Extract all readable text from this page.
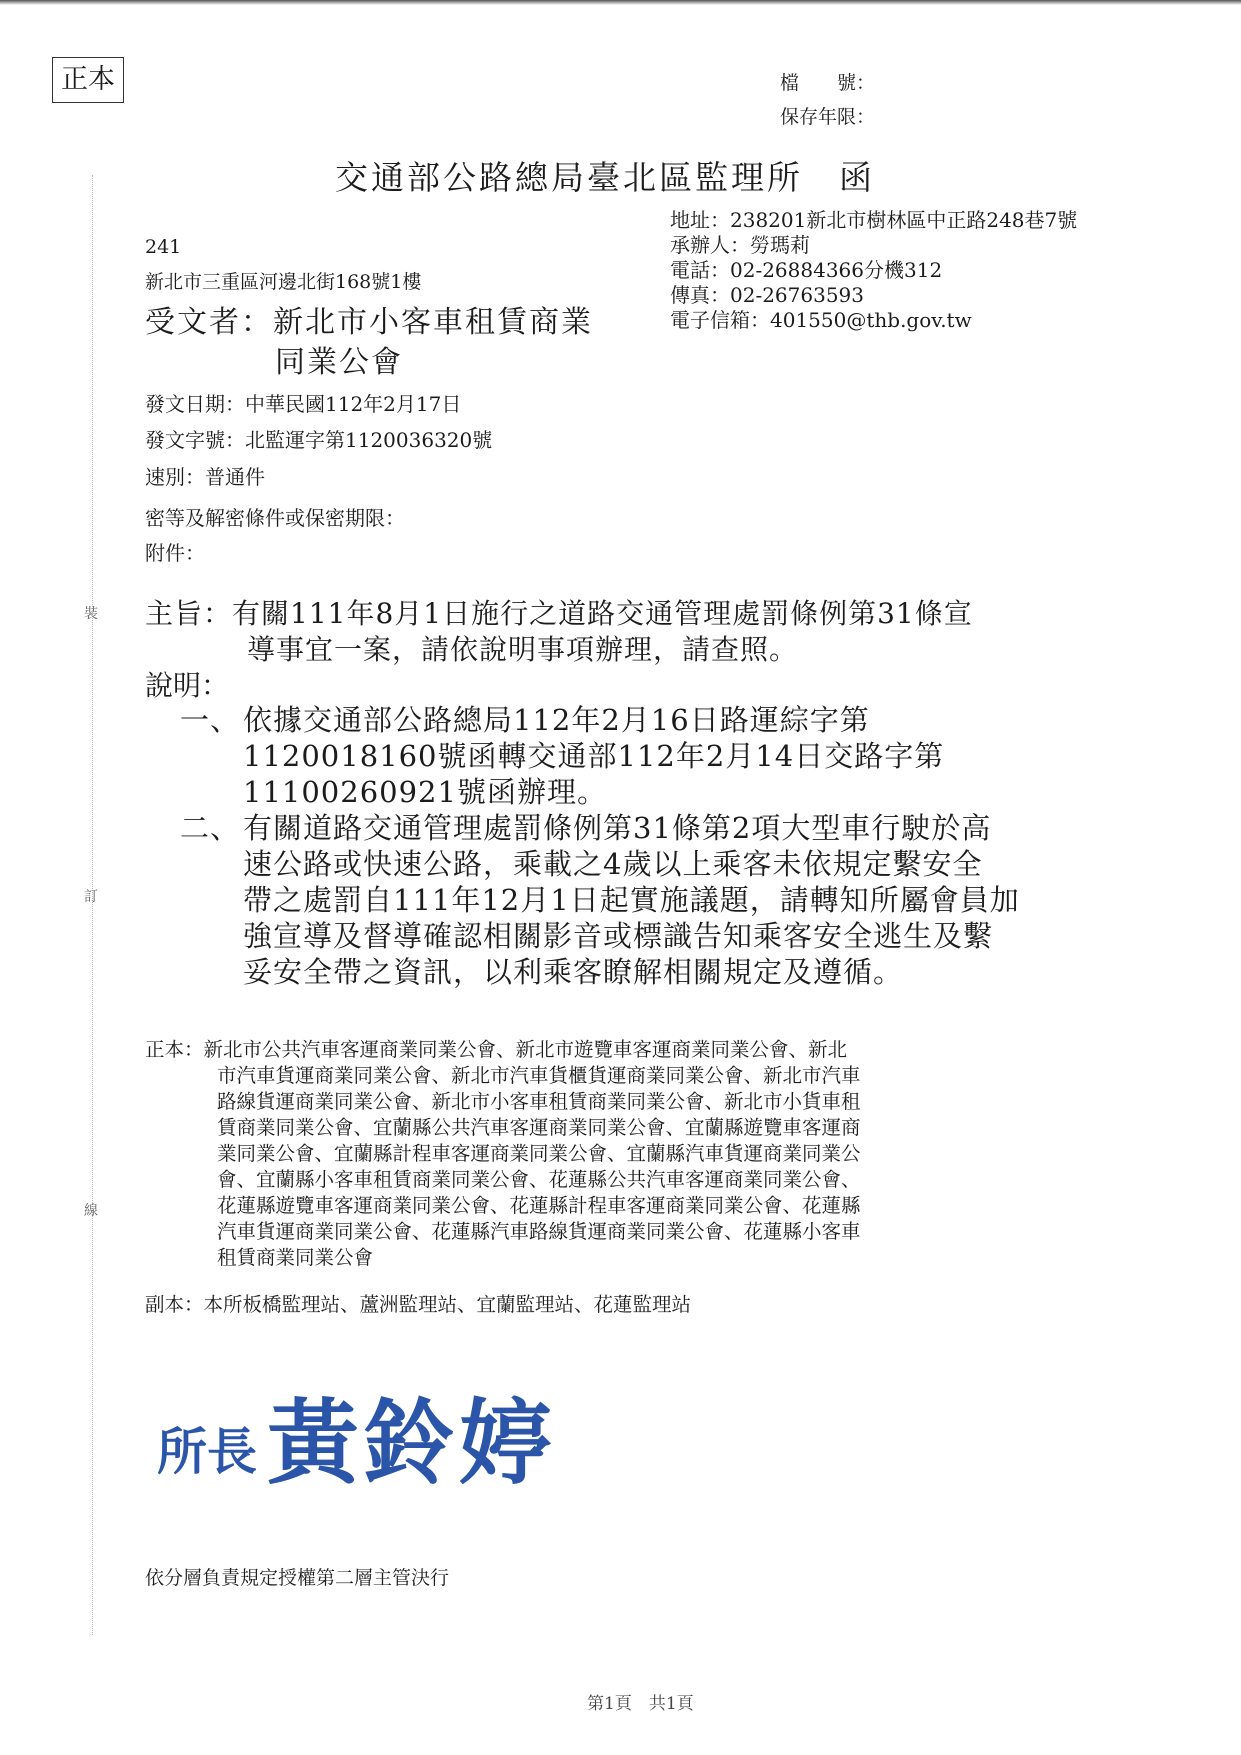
正本	檔　　號：
保存年限：
交通部公路總局臺北區監理所　函
裝
訂
線
地址：238201新北市樹林區中正路248巷7號
承辦人：勞瑪莉
電話：02-26884366分機312
傳真：02-26763593
電子信箱：401550@thb.gov.tw
241
新北市三重區河邊北街168號1樓
受文者：新北市小客車租賃商業
同業公會
發文日期：中華民國112年2月17日
發文字號：北監運字第1120036320號
速別：普通件
密等及解密條件或保密期限：
附件：
主旨：有關111年8月1日施行之道路交通管理處罰條例第31條宣
導事宜一案，請依說明事項辦理，請查照。
說明：
一、 依據交通部公路總局112年2月16日路運綜字第
1120018160號函轉交通部112年2月14日交路字第
11100260921號函辦理。
二、 有關道路交通管理處罰條例第31條第2項大型車行駛於高
速公路或快速公路，乘載之4歲以上乘客未依規定繫安全
帶之處罰自111年12月1日起實施議題，請轉知所屬會員加
強宣導及督導確認相關影音或標識告知乘客安全逃生及繫
妥安全帶之資訊，以利乘客瞭解相關規定及遵循。
正本：新北市公共汽車客運商業同業公會、新北市遊覽車客運商業同業公會、新北
市汽車貨運商業同業公會、新北市汽車貨櫃貨運商業同業公會、新北市汽車
路線貨運商業同業公會、新北市小客車租賃商業同業公會、新北市小貨車租
賃商業同業公會、宜蘭縣公共汽車客運商業同業公會、宜蘭縣遊覽車客運商
業同業公會、宜蘭縣計程車客運商業同業公會、宜蘭縣汽車貨運商業同業公
會、宜蘭縣小客車租賃商業同業公會、花蓮縣公共汽車客運商業同業公會、
花蓮縣遊覽車客運商業同業公會、花蓮縣計程車客運商業同業公會、花蓮縣
汽車貨運商業同業公會、花蓮縣汽車路線貨運商業同業公會、花蓮縣小客車
租賃商業同業公會
副本：本所板橋監理站、蘆洲監理站、宜蘭監理站、花蓮監理站
所長 黃鈴婷
依分層負責規定授權第二層主管決行
第1頁　共1頁
